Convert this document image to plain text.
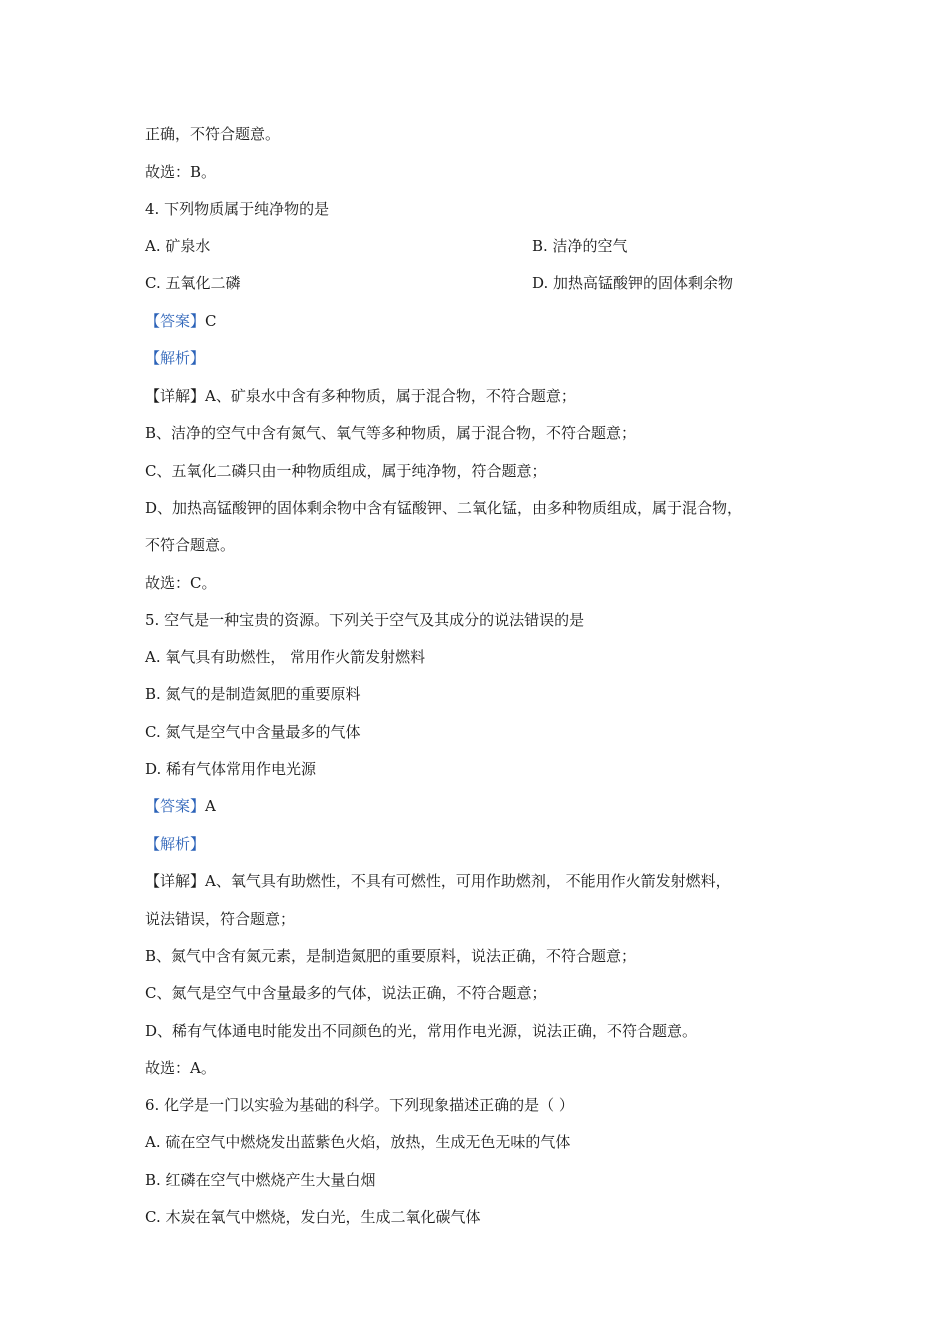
正确，不符合题意。
故选：B。
4. 下列物质属于纯净物的是
A. 矿泉水	B. 洁净的空气
C. 五氧化二磷	D. 加热高锰酸钾的固体剩余物
【答案】C
【解析】
【详解】A、矿泉水中含有多种物质，属于混合物，不符合题意；
B、洁净的空气中含有氮气、氧气等多种物质，属于混合物，不符合题意；
C、五氧化二磷只由一种物质组成，属于纯净物，符合题意；
D、加热高锰酸钾的固体剩余物中含有锰酸钾、二氧化锰，由多种物质组成，属于混合物，
不符合题意。
故选：C。
5. 空气是一种宝贵的资源。下列关于空气及其成分的说法错误的是
A. 氧气具有助燃性， 常用作火箭发射燃料
B. 氮气的是制造氮肥的重要原料
C. 氮气是空气中含量最多的气体
D. 稀有气体常用作电光源
【答案】A
【解析】
【详解】A、氧气具有助燃性，不具有可燃性，可用作助燃剂， 不能用作火箭发射燃料，
说法错误，符合题意；
B、氮气中含有氮元素，是制造氮肥的重要原料，说法正确，不符合题意；
C、氮气是空气中含量最多的气体，说法正确，不符合题意；
D、稀有气体通电时能发出不同颜色的光，常用作电光源，说法正确，不符合题意。
故选：A。
6. 化学是一门以实验为基础的科学。下列现象描述正确的是（ ）
A. 硫在空气中燃烧发出蓝紫色火焰，放热，生成无色无味的气体
B. 红磷在空气中燃烧产生大量白烟
C. 木炭在氧气中燃烧，发白光，生成二氧化碳气体
